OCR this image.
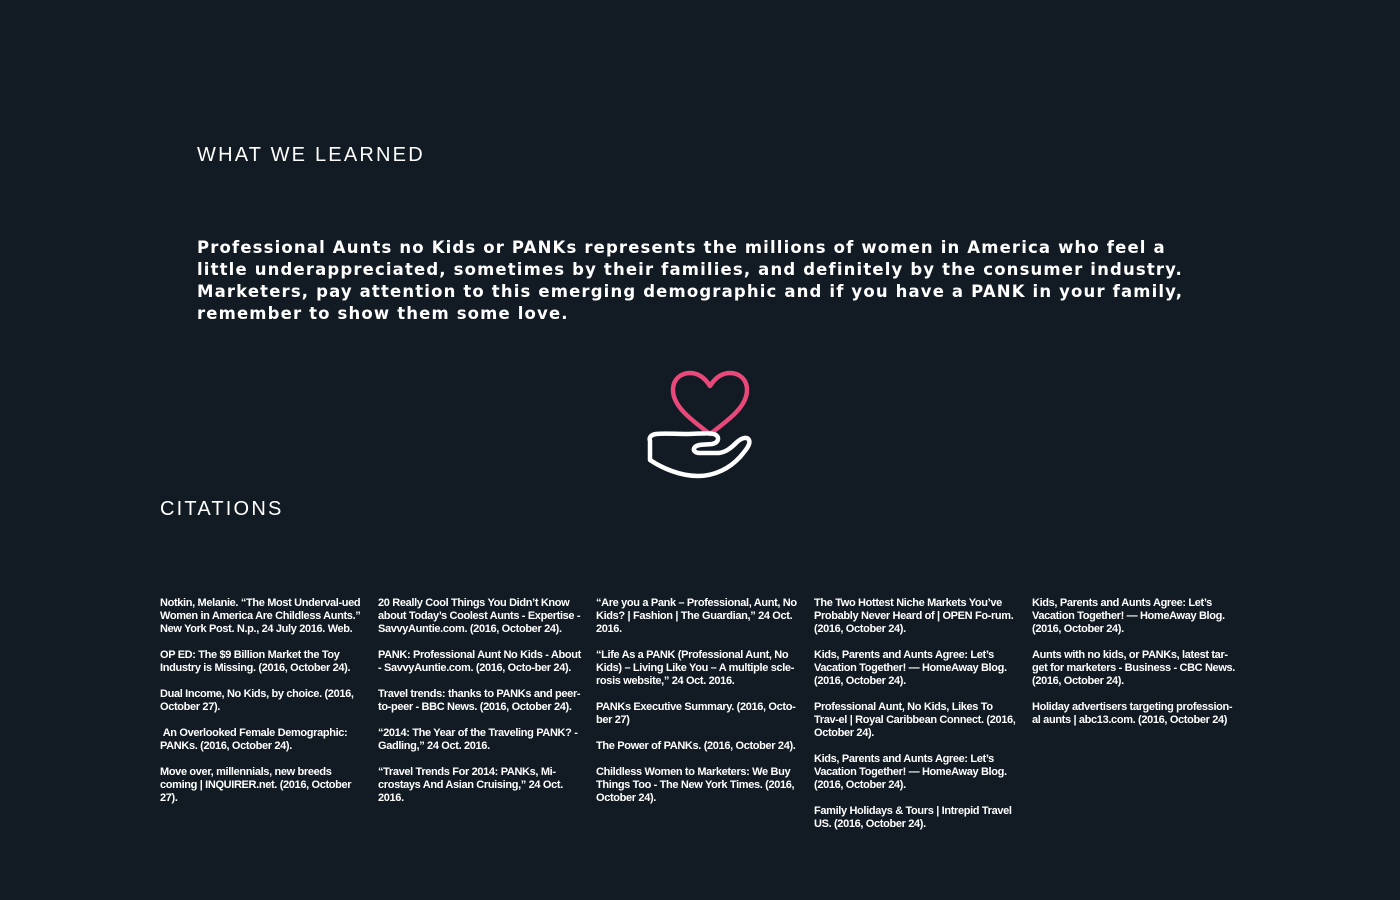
WHAT WE LEARNED

Professional Aunts no Kids or PANKs represents the millions of women in America who feel a little underappreciated, sometimes by their families, and definitely by the consumer industry. Marketers, pay attention to this emerging demographic and if you have a PANK in your family, remember to show them some love.

CITATIONS

Notkin, Melanie. “The Most Underval-ued Women in America Are Childless Aunts.” New York Post. N.p., 24 July 2016. Web.

OP ED: The $9 Billion Market the Toy Industry is Missing. (2016, October 24).

Dual Income, No Kids, by choice. (2016, October 27).

An Overlooked Female Demographic: PANKs. (2016, October 24).

Move over, millennials, new breeds coming | INQUIRER.net. (2016, October 27).

20 Really Cool Things You Didn’t Know about Today’s Coolest Aunts - Expertise - SavvyAuntie.com. (2016, October 24).

PANK: Professional Aunt No Kids - About - SavvyAuntie.com. (2016, Octo-ber 24).

Travel trends: thanks to PANKs and peer-to-peer - BBC News. (2016, October 24).

“2014: The Year of the Traveling PANK? - Gadling,” 24 Oct. 2016.

“Travel Trends For 2014: PANKs, Mi-crostays And Asian Cruising,” 24 Oct. 2016.

“Are you a Pank – Professional, Aunt, No Kids? | Fashion | The Guardian,” 24 Oct. 2016.

“Life As a PANK (Professional Aunt, No Kids) – Living Like You – A multiple scle-rosis website,” 24 Oct. 2016.

PANKs Executive Summary. (2016, Octo-ber 27)

The Power of PANKs. (2016, October 24).

Childless Women to Marketers: We Buy Things Too - The New York Times. (2016, October 24).

The Two Hottest Niche Markets You’ve Probably Never Heard of | OPEN Fo-rum. (2016, October 24).

Kids, Parents and Aunts Agree: Let’s Vacation Together! — HomeAway Blog. (2016, October 24).

Professional Aunt, No Kids, Likes To Trav-el | Royal Caribbean Connect. (2016, October 24).

Kids, Parents and Aunts Agree: Let’s Vacation Together! — HomeAway Blog. (2016, October 24).

Family Holidays & Tours | Intrepid Travel US. (2016, October 24).

Kids, Parents and Aunts Agree: Let’s Vacation Together! — HomeAway Blog. (2016, October 24).

Aunts with no kids, or PANKs, latest tar-get for marketers - Business - CBC News. (2016, October 24).

Holiday advertisers targeting profession-al aunts | abc13.com. (2016, October 24)
